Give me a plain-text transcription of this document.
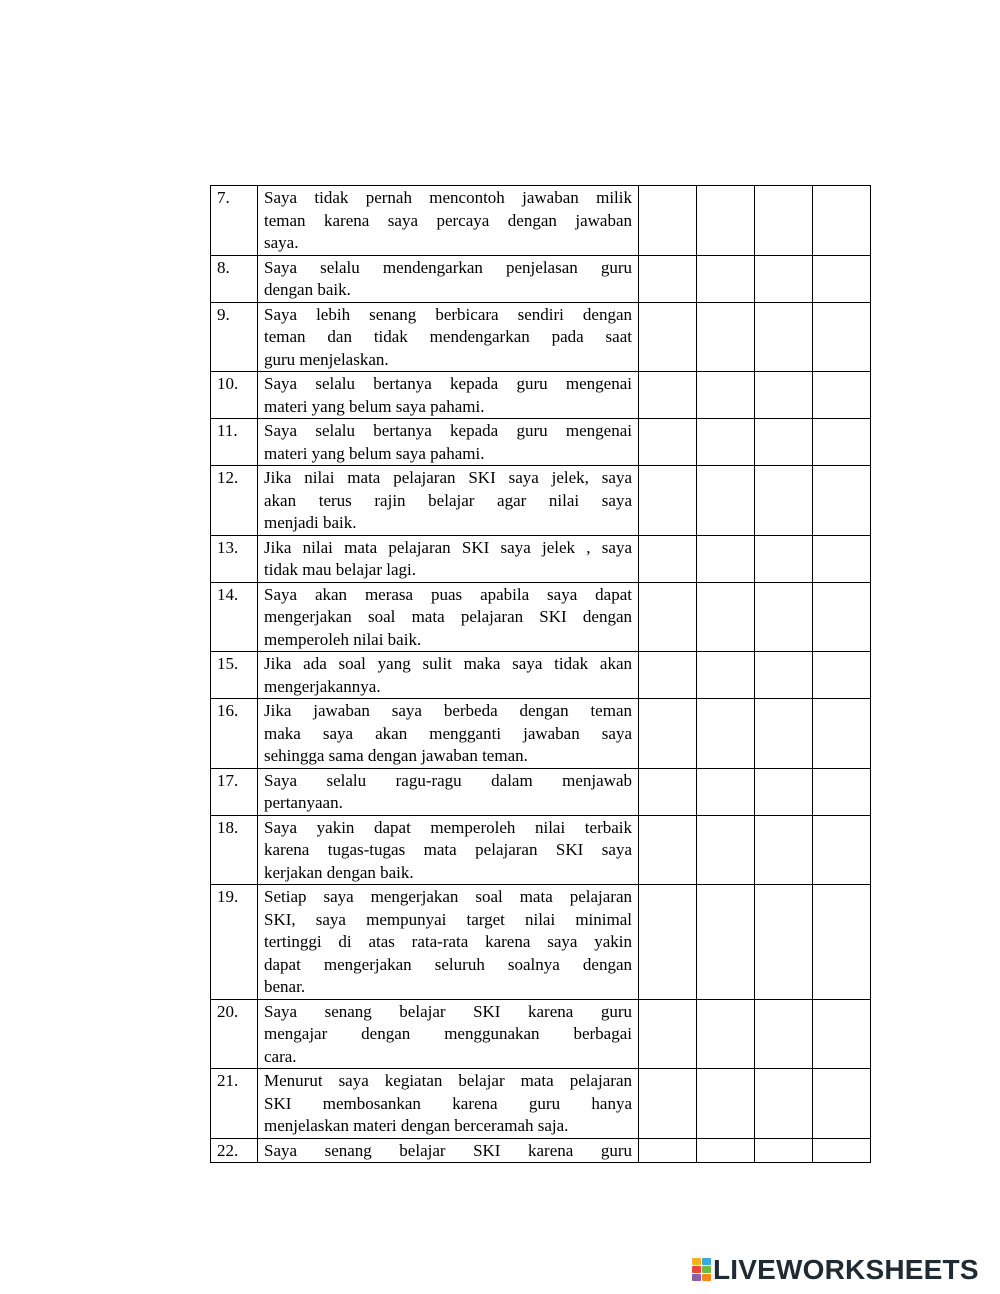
7.	Saya tidak pernah mencontoh jawaban milik
teman karena saya percaya dengan jawaban
saya.				

8.	Saya selalu mendengarkan penjelasan guru
dengan baik.				

9.	Saya lebih senang berbicara sendiri dengan
teman dan tidak mendengarkan pada saat
guru menjelaskan.				

10.	Saya selalu bertanya kepada guru mengenai
materi yang belum saya pahami.				

11.	Saya selalu bertanya kepada guru mengenai
materi yang belum saya pahami.				

12.	Jika nilai mata pelajaran SKI saya jelek, saya
akan terus rajin belajar agar nilai saya
menjadi baik.				

13.	Jika nilai mata pelajaran SKI saya jelek , saya
tidak mau belajar lagi.				

14.	Saya akan merasa puas apabila saya dapat
mengerjakan soal mata pelajaran SKI dengan
memperoleh nilai baik.				

15.	Jika ada soal yang sulit maka saya tidak akan
mengerjakannya.				

16.	Jika jawaban saya berbeda dengan teman
maka saya akan mengganti jawaban saya
sehingga sama dengan jawaban teman.				

17.	Saya selalu ragu-ragu dalam menjawab
pertanyaan.				

18.	Saya yakin dapat memperoleh nilai terbaik
karena tugas-tugas mata pelajaran SKI saya
kerjakan dengan baik.				

19.	Setiap saya mengerjakan soal mata pelajaran
SKI, saya mempunyai target nilai minimal
tertinggi di atas rata-rata karena saya yakin
dapat mengerjakan seluruh soalnya dengan
benar.				

20.	Saya senang belajar SKI karena guru
mengajar dengan menggunakan berbagai
cara.				

21.	Menurut saya kegiatan belajar mata pelajaran
SKI membosankan karena guru hanya
menjelaskan materi dengan berceramah saja.				

22.	Saya senang belajar SKI karena guru				

LIVEWORKSHEETS
